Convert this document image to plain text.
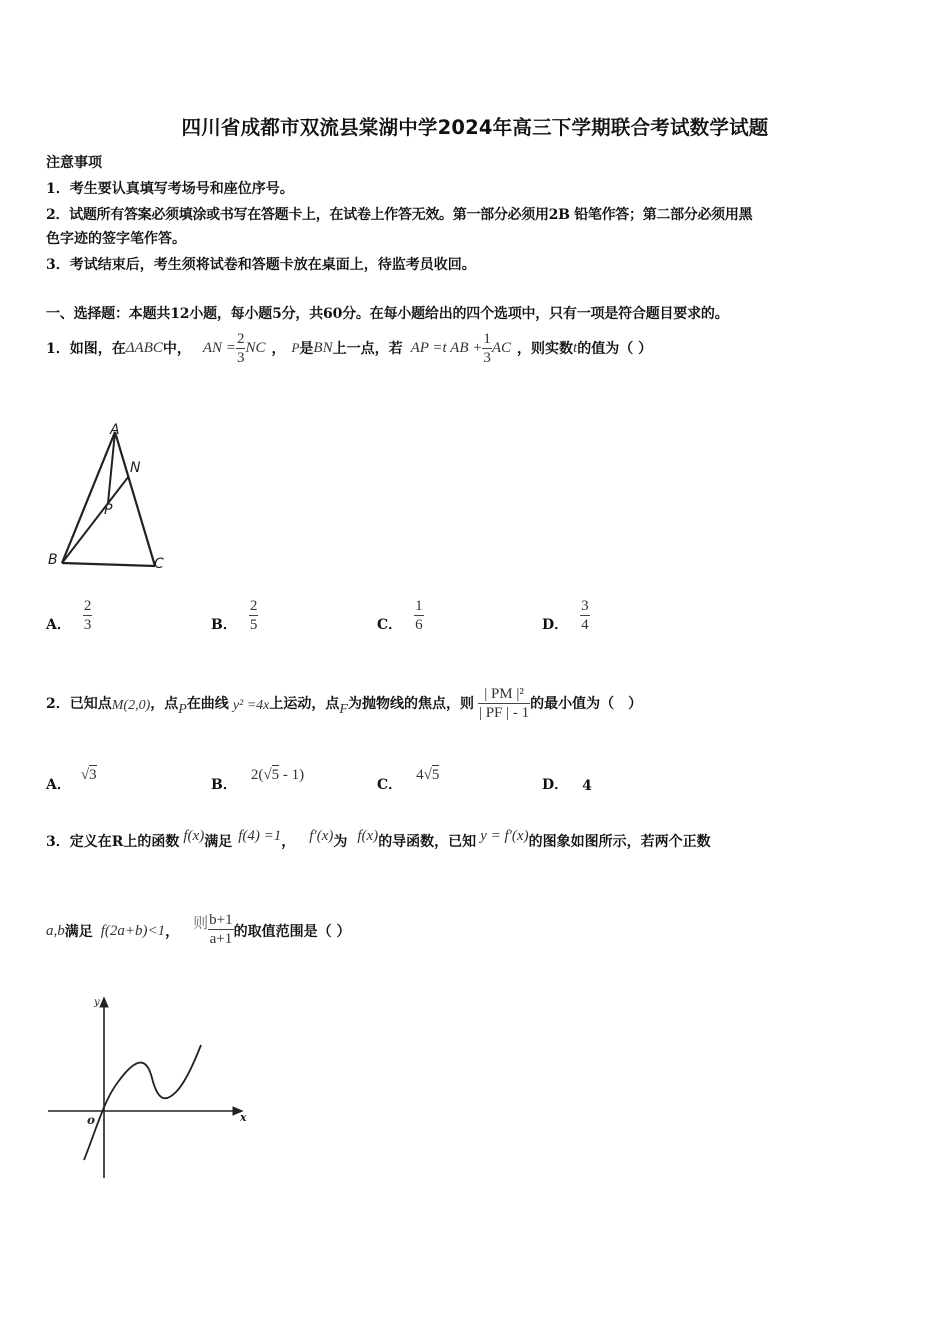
四川省成都市双流县棠湖中学2024年高三下学期联合考试数学试题
注意事项
1．考生要认真填写考场号和座位序号。
2．试题所有答案必须填涂或书写在答题卡上，在试卷上作答无效。第一部分必须用2B 铅笔作答；第二部分必须用黑
色字迹的签字笔作答。
3．考试结束后，考生须将试卷和答题卡放在桌面上，待监考员收回。
一、选择题：本题共12小题，每小题5分，共60分。在每小题给出的四个选项中，只有一项是符合题目要求的。
1．如图，在 ΔABC 中， AN = $\frac{2}{3}$ NC ， P 是 BN 上一点，若 AP =t AB + $\frac{1}{3}$ AC ，则实数 t 的值为（ ）
A
N
P
B	C
A． $\frac{2}{3}$	B． $\frac{2}{5}$	C． $\frac{1}{6}$	D． $\frac{3}{4}$
2．已知点 M(2,0) ，点 P 在曲线 y² =4x 上运动，点 F 为抛物线的焦点，则 $\frac{\text{| PM |²}}{| PF | - 1}$ 的最小值为（　）
A．
√3
B．
2(√5 - 1)
C．
4√5
D． 4
3．定义在R上的函数 f(x) 满足 f(4) =1 ， f′(x) 为 f(x) 的导函数，已知 y = f′(x) 的图象如图所示，若两个正数
a,b 满足 f(2a+b)<1 ，
则 $\frac{b+1}{a+1}$ 的取值范围是（ ）
y
x
o
